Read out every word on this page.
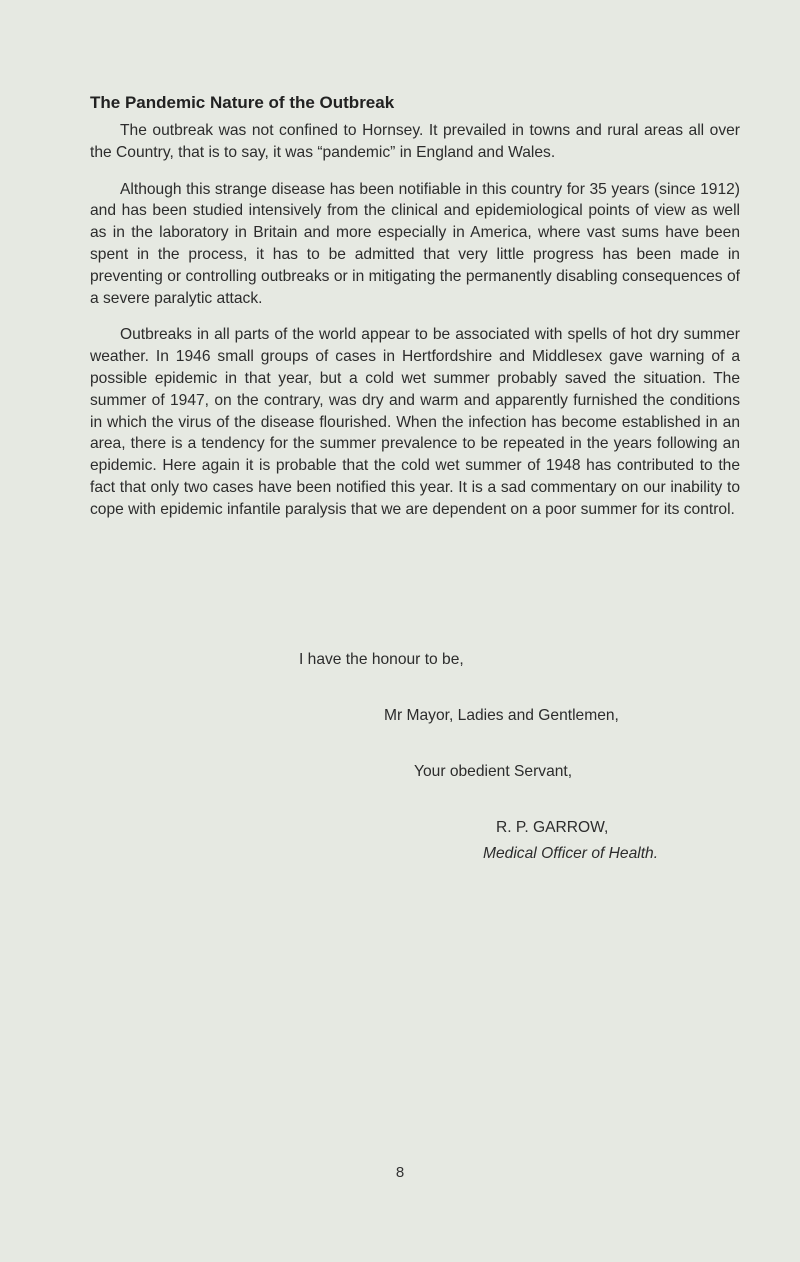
The Pandemic Nature of the Outbreak

The outbreak was not confined to Hornsey. It prevailed in towns and rural areas all over the Country, that is to say, it was “pandemic” in England and Wales.

Although this strange disease has been notifiable in this country for 35 years (since 1912) and has been studied intensively from the clinical and epidemiological points of view as well as in the laboratory in Britain and more especially in America, where vast sums have been spent in the process, it has to be admitted that very little progress has been made in preventing or controlling outbreaks or in mitigating the permanently disabling consequences of a severe paralytic attack.

Outbreaks in all parts of the world appear to be associated with spells of hot dry summer weather. In 1946 small groups of cases in Hertfordshire and Middlesex gave warning of a possible epidemic in that year, but a cold wet summer probably saved the situation. The summer of 1947, on the contrary, was dry and warm and apparently furnished the conditions in which the virus of the disease flourished. When the infection has become established in an area, there is a tendency for the summer prevalence to be repeated in the years following an epidemic. Here again it is probable that the cold wet summer of 1948 has contributed to the fact that only two cases have been notified this year. It is a sad commentary on our inability to cope with epidemic infantile paralysis that we are dependent on a poor summer for its control.

I have the honour to be,
Mr Mayor, Ladies and Gentlemen,
Your obedient Servant,
R. P. GARROW,
Medical Officer of Health.
8
